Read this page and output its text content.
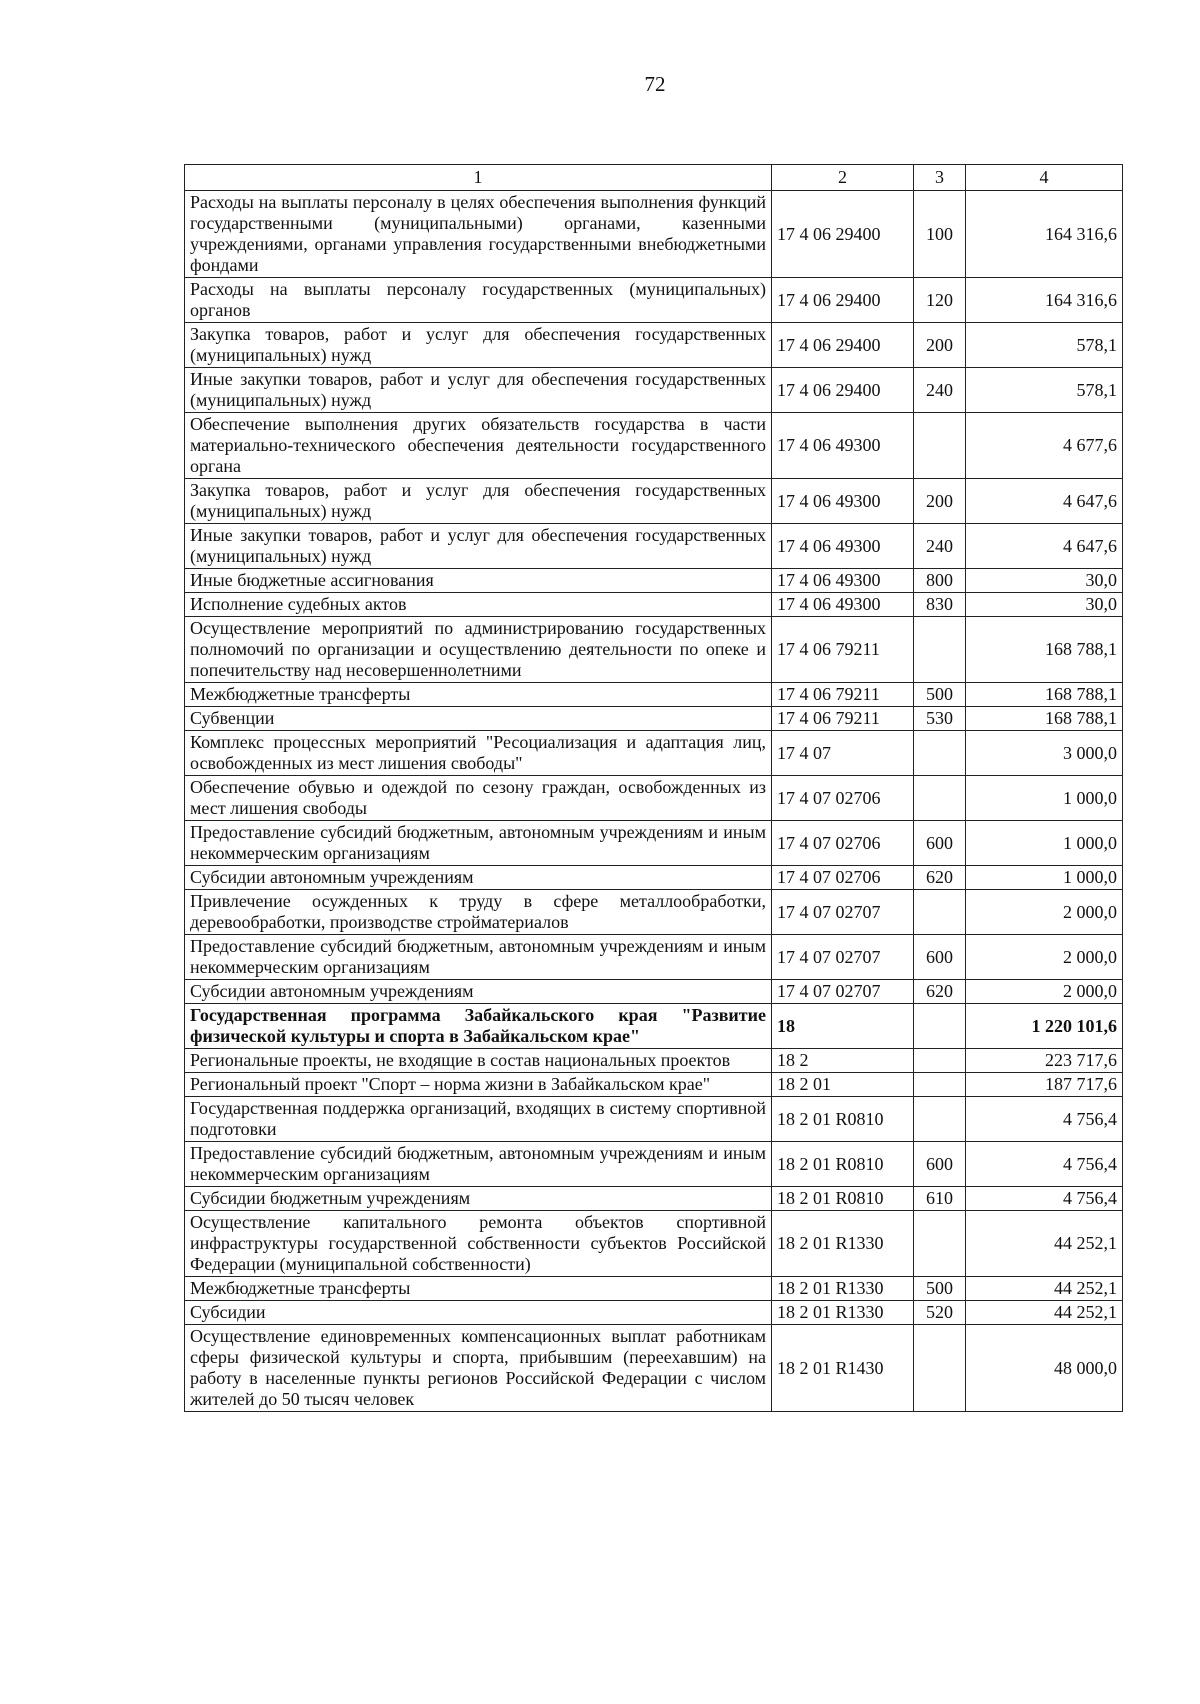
72
1	2	3	4
Расходы на выплаты персоналу в целях обеспечения выполнения функций государственными (муниципальными) органами, казенными учреждениями, органами управления государственными внебюджетными фондами	17 4 06 29400	100	164 316,6
Расходы на выплаты персоналу государственных (муниципальных) органов	17 4 06 29400	120	164 316,6
Закупка товаров, работ и услуг для обеспечения государственных (муниципальных) нужд	17 4 06 29400	200	578,1
Иные закупки товаров, работ и услуг для обеспечения государственных (муниципальных) нужд	17 4 06 29400	240	578,1
Обеспечение выполнения других обязательств государства в части материально-технического обеспечения деятельности государственного органа	17 4 06 49300		4 677,6
Закупка товаров, работ и услуг для обеспечения государственных (муниципальных) нужд	17 4 06 49300	200	4 647,6
Иные закупки товаров, работ и услуг для обеспечения государственных (муниципальных) нужд	17 4 06 49300	240	4 647,6
Иные бюджетные ассигнования	17 4 06 49300	800	30,0
Исполнение судебных актов	17 4 06 49300	830	30,0
Осуществление мероприятий по администрированию государственных полномочий по организации и осуществлению деятельности по опеке и попечительству над несовершеннолетними	17 4 06 79211		168 788,1
Межбюджетные трансферты	17 4 06 79211	500	168 788,1
Субвенции	17 4 06 79211	530	168 788,1
Комплекс процессных мероприятий "Ресоциализация и адаптация лиц, освобожденных из мест лишения свободы"	17 4 07		3 000,0
Обеспечение обувью и одеждой по сезону граждан, освобожденных из мест лишения свободы	17 4 07 02706		1 000,0
Предоставление субсидий бюджетным, автономным учреждениям и иным некоммерческим организациям	17 4 07 02706	600	1 000,0
Субсидии автономным учреждениям	17 4 07 02706	620	1 000,0
Привлечение осужденных к труду в сфере металлообработки, деревообработки, производстве стройматериалов	17 4 07 02707		2 000,0
Предоставление субсидий бюджетным, автономным учреждениям и иным некоммерческим организациям	17 4 07 02707	600	2 000,0
Субсидии автономным учреждениям	17 4 07 02707	620	2 000,0
Государственная программа Забайкальского края "Развитие физической культуры и спорта в Забайкальском крае"	18		1 220 101,6
Региональные проекты, не входящие в состав национальных проектов	18 2		223 717,6
Региональный проект "Спорт – норма жизни в Забайкальском крае"	18 2 01		187 717,6
Государственная поддержка организаций, входящих в систему спортивной подготовки	18 2 01 R0810		4 756,4
Предоставление субсидий бюджетным, автономным учреждениям и иным некоммерческим организациям	18 2 01 R0810	600	4 756,4
Субсидии бюджетным учреждениям	18 2 01 R0810	610	4 756,4
Осуществление капитального ремонта объектов спортивной инфраструктуры государственной собственности субъектов Российской Федерации (муниципальной собственности)	18 2 01 R1330		44 252,1
Межбюджетные трансферты	18 2 01 R1330	500	44 252,1
Субсидии	18 2 01 R1330	520	44 252,1
Осуществление единовременных компенсационных выплат работникам сферы физической культуры и спорта, прибывшим (переехавшим) на работу в населенные пункты регионов Российской Федерации с числом жителей до 50 тысяч человек	18 2 01 R1430		48 000,0
